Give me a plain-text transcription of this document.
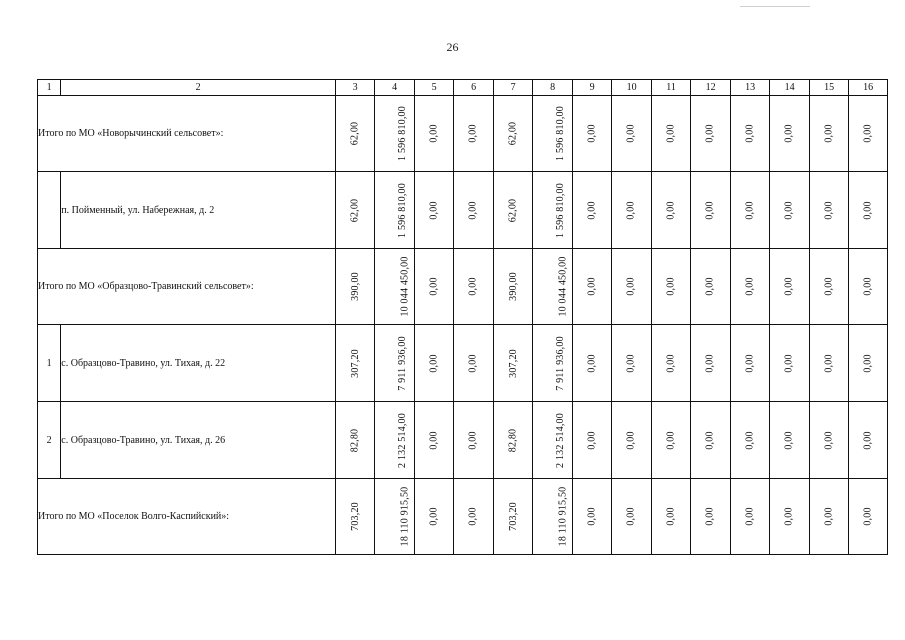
26
1	2	3	4	5	6	7	8	9	10	11	12	13	14	15	16
Итого по МО «Новорычинский сельсовет»:		62,00	1 596 810,00	0,00	0,00	62,00	1 596 810,00	0,00	0,00	0,00	0,00	0,00	0,00	0,00	0,00
	п. Пойменный, ул. Набережная, д. 2	62,00	1 596 810,00	0,00	0,00	62,00	1 596 810,00	0,00	0,00	0,00	0,00	0,00	0,00	0,00	0,00
Итого по МО «Образцово-Травинский сельсовет»:		390,00	10 044 450,00	0,00	0,00	390,00	10 044 450,00	0,00	0,00	0,00	0,00	0,00	0,00	0,00	0,00
1	с. Образцово-Травино, ул. Тихая, д. 22	307,20	7 911 936,00	0,00	0,00	307,20	7 911 936,00	0,00	0,00	0,00	0,00	0,00	0,00	0,00	0,00
2	с. Образцово-Травино, ул. Тихая, д. 26	82,80	2 132 514,00	0,00	0,00	82,80	2 132 514,00	0,00	0,00	0,00	0,00	0,00	0,00	0,00	0,00
Итого по МО «Поселок Волго-Каспийский»:		703,20	18 110 915,50	0,00	0,00	703,20	18 110 915,50	0,00	0,00	0,00	0,00	0,00	0,00	0,00	0,00
